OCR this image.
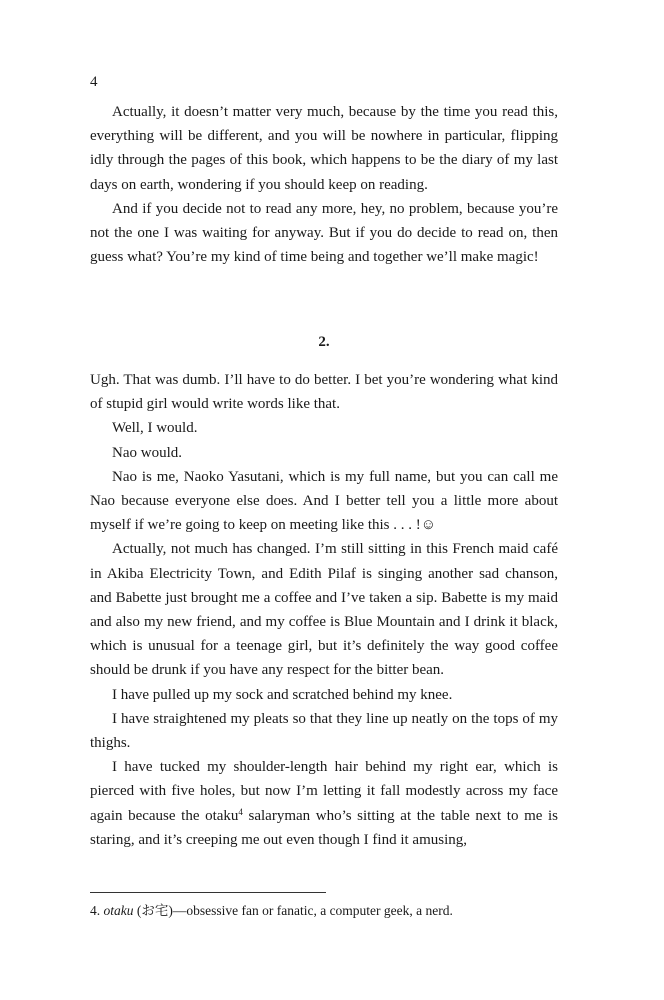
4

Actually, it doesn’t matter very much, because by the time you read this, everything will be different, and you will be nowhere in particular, flipping idly through the pages of this book, which happens to be the diary of my last days on earth, wondering if you should keep on reading.

And if you decide not to read any more, hey, no problem, because you’re not the one I was waiting for anyway. But if you do decide to read on, then guess what? You’re my kind of time being and together we’ll make magic!

2.

Ugh. That was dumb. I’ll have to do better. I bet you’re wondering what kind of stupid girl would write words like that.

Well, I would.

Nao would.

Nao is me, Naoko Yasutani, which is my full name, but you can call me Nao because everyone else does. And I better tell you a little more about myself if we’re going to keep on meeting like this . . . !☺

Actually, not much has changed. I’m still sitting in this French maid café in Akiba Electricity Town, and Edith Pilaf is singing another sad chanson, and Babette just brought me a coffee and I’ve taken a sip. Babette is my maid and also my new friend, and my coffee is Blue Mountain and I drink it black, which is unusual for a teenage girl, but it’s definitely the way good coffee should be drunk if you have any respect for the bitter bean.

I have pulled up my sock and scratched behind my knee.

I have straightened my pleats so that they line up neatly on the tops of my thighs.

I have tucked my shoulder-length hair behind my right ear, which is pierced with five holes, but now I’m letting it fall modestly across my face again because the otaku$^4$ salaryman who’s sitting at the table next to me is staring, and it’s creeping me out even though I find it amusing,

4. otaku (お宅)—obsessive fan or fanatic, a computer geek, a nerd.
